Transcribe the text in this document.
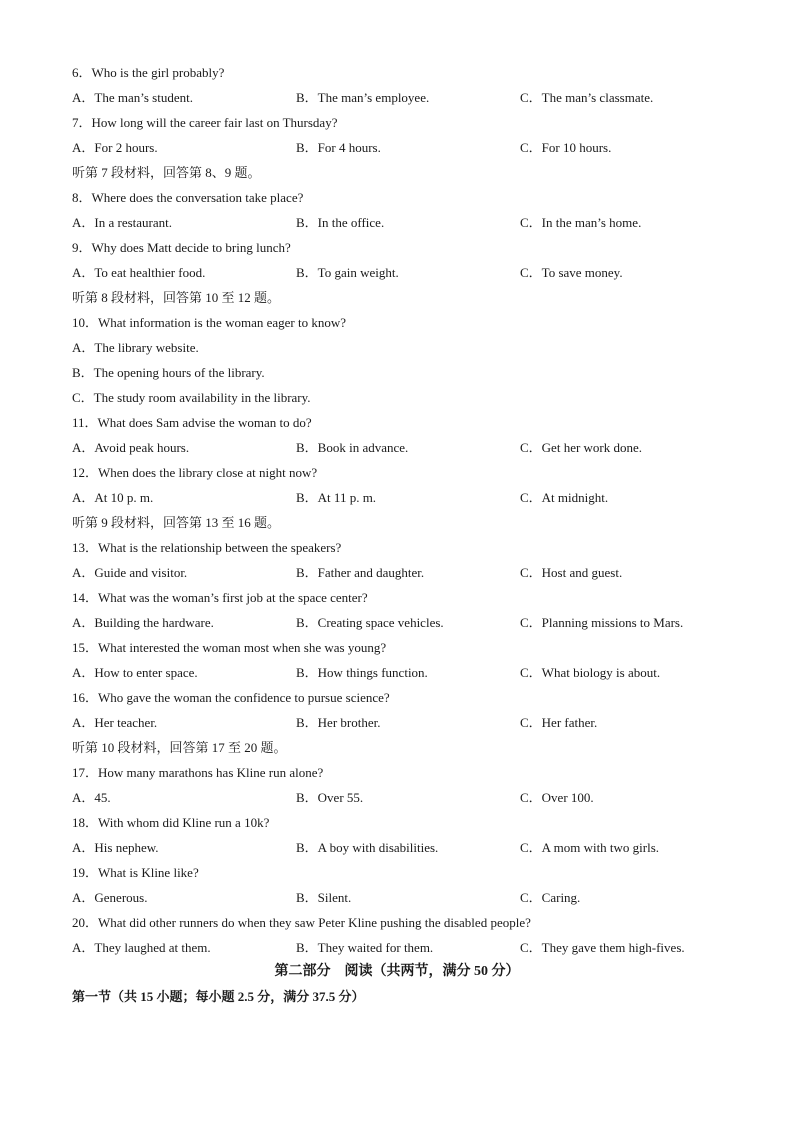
6．Who is the girl probably?
A．The man’s student.	B．The man’s employee.	C．The man’s classmate.
7．How long will the career fair last on Thursday?
A．For 2 hours.	B．For 4 hours.	C．For 10 hours.
听第 7 段材料，回答第 8、9 题。
8．Where does the conversation take place?
A．In a restaurant.	B．In the office.	C．In the man’s home.
9．Why does Matt decide to bring lunch?
A．To eat healthier food.	B．To gain weight.	C．To save money.
听第 8 段材料，回答第 10 至 12 题。
10．What information is the woman eager to know?
A．The library website.
B．The opening hours of the library.
C．The study room availability in the library.
11．What does Sam advise the woman to do?
A．Avoid peak hours.	B．Book in advance.	C．Get her work done.
12．When does the library close at night now?
A．At 10 p. m.	B．At 11 p. m.	C．At midnight.
听第 9 段材料，回答第 13 至 16 题。
13．What is the relationship between the speakers?
A．Guide and visitor.	B．Father and daughter.	C．Host and guest.
14．What was the woman’s first job at the space center?
A．Building the hardware.	B．Creating space vehicles.	C．Planning missions to Mars.
15．What interested the woman most when she was young?
A．How to enter space.	B．How things function.	C．What biology is about.
16．Who gave the woman the confidence to pursue science?
A．Her teacher.	B．Her brother.	C．Her father.
听第 10 段材料，回答第 17 至 20 题。
17．How many marathons has Kline run alone?
A．45.	B．Over 55.	C．Over 100.
18．With whom did Kline run a 10k?
A．His nephew.	B．A boy with disabilities.	C．A mom with two girls.
19．What is Kline like?
A．Generous.	B．Silent.	C．Caring.
20．What did other runners do when they saw Peter Kline pushing the disabled people?
A．They laughed at them.	B．They waited for them.	C．They gave them high-fives.
第二部分　阅读（共两节，满分 50 分）
第一节（共 15 小题；每小题 2.5 分，满分 37.5 分）
